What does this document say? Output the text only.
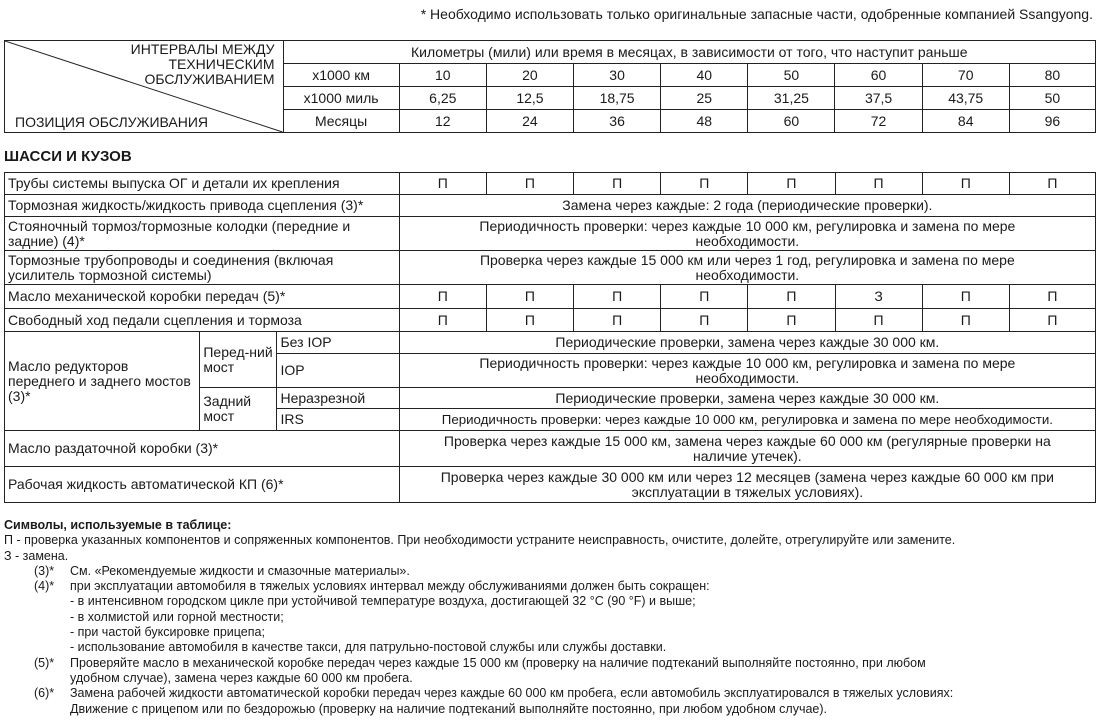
* Необходимо использовать только оригинальные запасные части, одобренные компанией Ssangyong.
ИНТЕРВАЛЫ МЕЖДУ ТЕХНИЧЕСКИМ ОБСЛУЖИВАНИЕМ
ПОЗИЦИЯ ОБСЛУЖИВАНИЯ	Километры (мили) или время в месяцах, в зависимости от того, что наступит раньше								
	x1000 км	10	20	30	40	50	60	70	80
	x1000 миль	6,25	12,5	18,75	25	31,25	37,5	43,75	50
	Месяцы	12	24	36	48	60	72	84	96
ШАССИ И КУЗОВ
Трубы системы выпуска ОГ и детали их крепления			П	П	П	П	П	П	П	П
Тормозная жидкость/жидкость привода сцепления (3)*			Замена через каждые: 2 года (периодические проверки).							
Стояночный тормоз/тормозные колодки (передние и задние) (4)*			Периодичность проверки: через каждые 10 000 км, регулировка и замена по мере необходимости.							
Тормозные трубопроводы и соединения (включая усилитель тормозной системы)			Проверка через каждые 15 000 км или через 1 год, регулировка и замена по мере необходимости.							
Масло механической коробки передач (5)*			П	П	П	П	П	З	П	П
Свободный ход педали сцепления и тормоза			П	П	П	П	П	П	П	П
Масло редукторов переднего и заднего мостов (3)*	Перед-ний мост	Без IOP	Периодические проверки, замена через каждые 30 000 км.							
		IOP	Периодичность проверки: через каждые 10 000 км, регулировка и замена по мере необходимости.							
	Задний мост	Неразрезной	Периодические проверки, замена через каждые 30 000 км.							
		IRS	Периодичность проверки: через каждые 10 000 км, регулировка и замена по мере необходимости.							
Масло раздаточной коробки (3)*			Проверка через каждые 15 000 км, замена через каждые 60 000 км (регулярные проверки на наличие утечек).							
Рабочая жидкость автоматической КП (6)*			Проверка через каждые 30 000 км или через 12 месяцев (замена через каждые 60 000 км при эксплуатации в тяжелых условиях).							
Символы, используемые в таблице:
П - проверка указанных компонентов и сопряженных компонентов. При необходимости устраните неисправность, очистите, долейте, отрегулируйте или замените.
З - замена.
(3)* См. «Рекомендуемые жидкости и смазочные материалы».
(4)* при эксплуатации автомобиля в тяжелых условиях интервал между обслуживаниями должен быть сокращен:
- в интенсивном городском цикле при устойчивой температуре воздуха, достигающей 32 °C (90 °F) и выше;
- в холмистой или горной местности;
- при частой буксировке прицепа;
- использование автомобиля в качестве такси, для патрульно-постовой службы или службы доставки.
(5)* Проверяйте масло в механической коробке передач через каждые 15 000 км (проверку на наличие подтеканий выполняйте постоянно, при любом
удобном случае), замена через каждые 60 000 км пробега.
(6)* Замена рабочей жидкости автоматической коробки передач через каждые 60 000 км пробега, если автомобиль эксплуатировался в тяжелых условиях:
Движение с прицепом или по бездорожью (проверку на наличие подтеканий выполняйте постоянно, при любом удобном случае).
